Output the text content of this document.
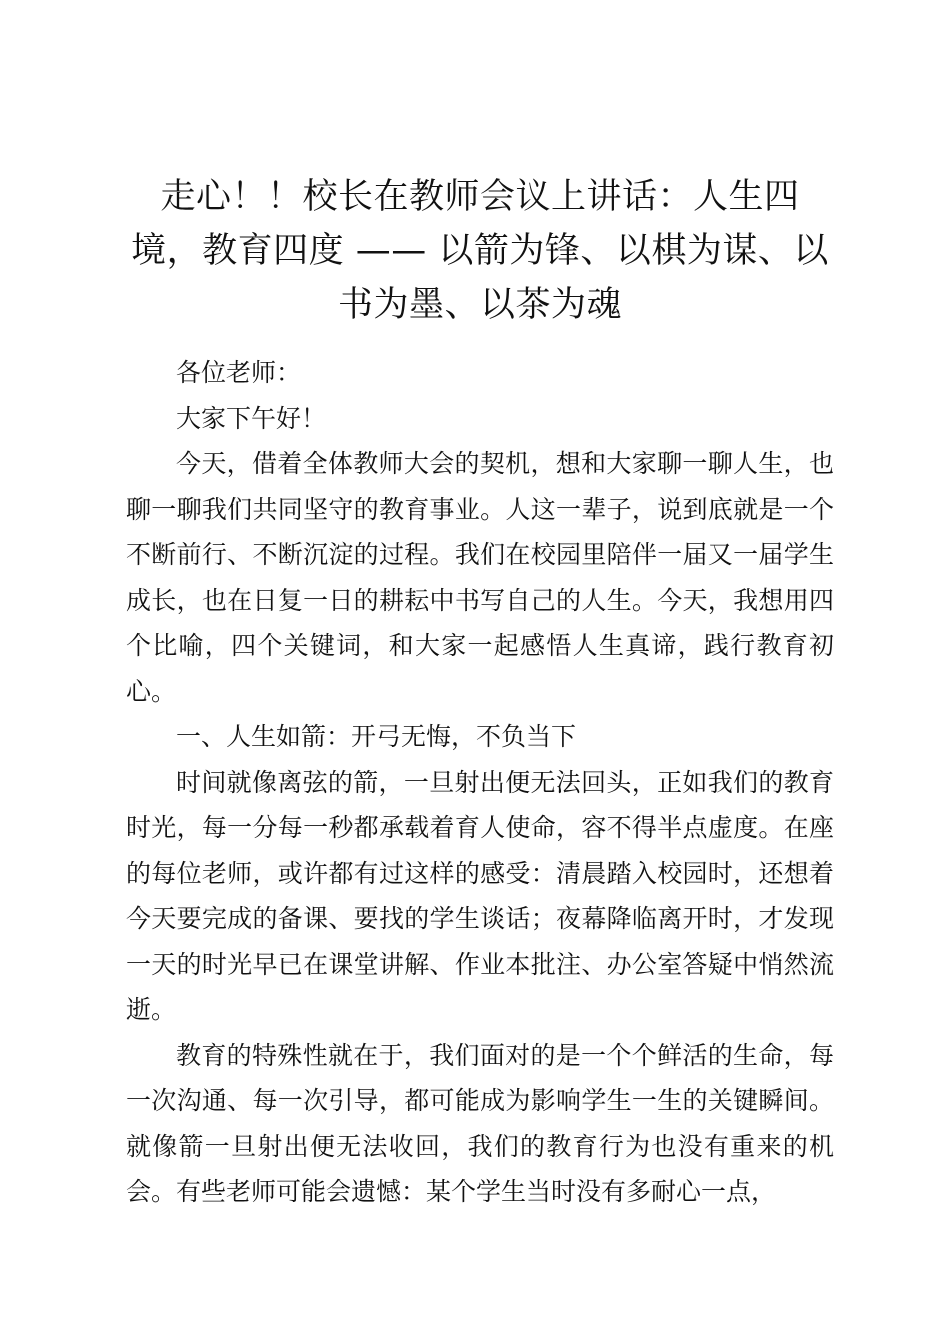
走心！！校长在教师会议上讲话：人生四境，教育四度 —— 以箭为锋、以棋为谋、以书为墨、以茶为魂

各位老师：

大家下午好！

今天，借着全体教师大会的契机，想和大家聊一聊人生，也聊一聊我们共同坚守的教育事业。人这一辈子，说到底就是一个不断前行、不断沉淀的过程。我们在校园里陪伴一届又一届学生成长，也在日复一日的耕耘中书写自己的人生。今天，我想用四个比喻，四个关键词，和大家一起感悟人生真谛，践行教育初心。

一、人生如箭：开弓无悔，不负当下

时间就像离弦的箭，一旦射出便无法回头，正如我们的教育时光，每一分每一秒都承载着育人使命，容不得半点虚度。在座的每位老师，或许都有过这样的感受：清晨踏入校园时，还想着今天要完成的备课、要找的学生谈话；夜幕降临离开时，才发现一天的时光早已在课堂讲解、作业本批注、办公室答疑中悄然流逝。

教育的特殊性就在于，我们面对的是一个个鲜活的生命，每一次沟通、每一次引导，都可能成为影响学生一生的关键瞬间。就像箭一旦射出便无法收回，我们的教育行为也没有重来的机会。有些老师可能会遗憾：某个学生当时没有多耐心一点，
